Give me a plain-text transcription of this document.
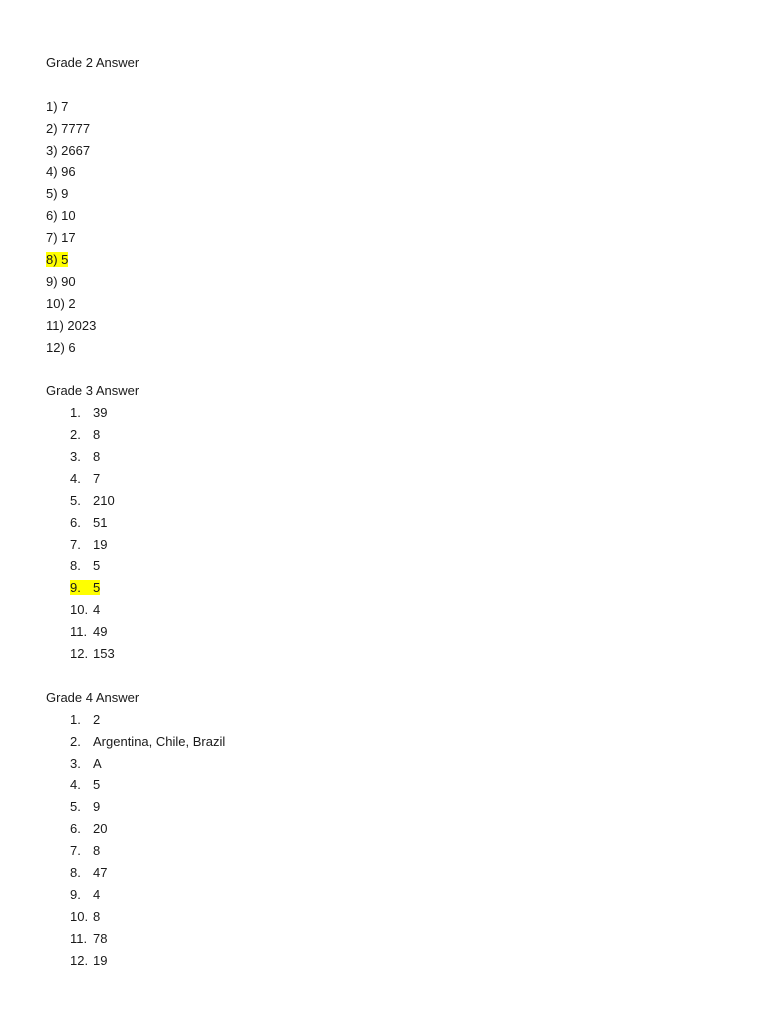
Grade 2 Answer
1) 7
2) 7777
3) 2667
4) 96
5) 9
6) 10
7) 17
8) 5
9) 90
10) 2
11) 2023
12) 6
Grade 3 Answer
1. 39
2. 8
3. 8
4. 7
5. 210
6. 51
7. 19
8. 5
9. 5
10. 4
11. 49
12. 153
Grade 4 Answer
1. 2
2. Argentina, Chile, Brazil
3. A
4. 5
5. 9
6. 20
7. 8
8. 47
9. 4
10. 8
11. 78
12. 19
